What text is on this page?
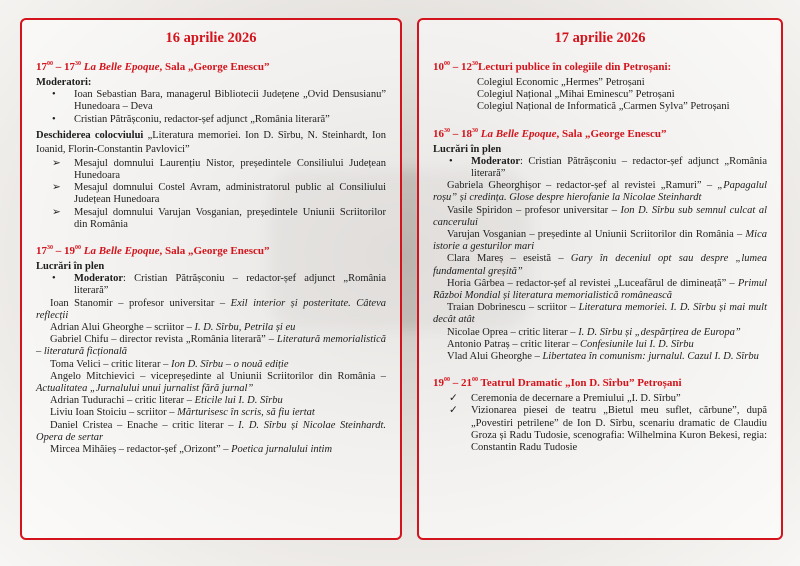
16 aprilie 2026
$17^{00} - 17^{30}$ La Belle Epoque, Sala „George Enescu”

Moderatori:

• Ioan Sebastian Bara, managerul Bibliotecii Județene „Ovid Densusianu” Hunedoara – Deva
• Cristian Pătrășconiu, redactor-șef adjunct „România literară”

Deschiderea colocviului „Literatura memoriei. Ion D. Sîrbu, N. Steinhardt, Ion Ioanid, Florin-Constantin Pavlovici”

➢ Mesajul domnului Laurențiu Nistor, președintele Consiliului Județean Hunedoara
➢ Mesajul domnului Costel Avram, administratorul public al Consiliului Județean Hunedoara
➢ Mesajul domnului Varujan Vosganian, președintele Uniunii Scriitorilor din România
$17^{30} - 19^{00}$ La Belle Epoque, Sala „George Enescu”

Lucrări în plen

• Moderator: Cristian Pătrășconiu – redactor-șef adjunct „România literară”

Ioan Stanomir – profesor universitar – Exil interior și posteritate. Câteva reflecții

Adrian Alui Gheorghe – scriitor – I. D. Sîrbu, Petrila și eu

Gabriel Chifu – director revista „România literară” – Literatură memorialistică – literatură ficțională

Toma Velici – critic literar – Ion D. Sîrbu – o nouă ediție

Angelo Mitchievici – vicepreședinte al Uniunii Scriitorilor din România – Actualitatea „Jurnalului unui jurnalist fără jurnal”

Adrian Tudurachi – critic literar – Eticile lui I. D. Sîrbu

Liviu Ioan Stoiciu – scriitor – Mărturisesc în scris, să fiu iertat

Daniel Cristea – Enache – critic literar – I. D. Sîrbu și Nicolae Steinhardt. Opera de sertar

Mircea Mihăieș – redactor-șef „Orizont” – Poetica jurnalului intim

17 aprilie 2026
$10^{00}$ – $12^{30}Lecturi$ publice în colegiile din Petroșani:
Colegiul Economic „Hermes” Petroșani
Colegiul Național „Mihai Eminescu” Petroșani
Colegiul Național de Informatică „Carmen Sylva” Petroșani
$16^{30} - 18^{30}$ La Belle Epoque, Sala „George Enescu”

Lucrări în plen

• Moderator: Cristian Pătrășconiu – redactor-șef adjunct „România literară”

Gabriela Gheorghișor – redactor-șef al revistei „Ramuri” – „Papagalul roșu” și credința. Glose despre hierofanie la Nicolae Steinhardt

Vasile Spiridon – profesor universitar – Ion D. Sîrbu sub semnul culcat al cancerului

Varujan Vosganian – președinte al Uniunii Scriitorilor din România – Mica istorie a gesturilor mari

Clara Mareș – eseistă – Gary în deceniul opt sau despre „lumea fundamental greșită”

Horia Gârbea – redactor-șef al revistei „Luceafărul de dimineață” – Primul Război Mondial și literatura memorialistică românească

Traian Dobrinescu – scriitor – Literatura memoriei. I. D. Sîrbu și mai mult decât atât

Nicolae Oprea – critic literar – I. D. Sîrbu și „despărțirea de Europa”

Antonio Patraș – critic literar – Confesiunile lui I. D. Sîrbu

Vlad Alui Gheorghe – Libertatea în comunism: jurnalul. Cazul I. D. Sîrbu

$19^{00} - 21^{00}$ Teatrul Dramatic „Ion D. Sîrbu” Petroșani
✓ Ceremonia de decernare a Premiului „I. D. Sîrbu”
✓ Vizionarea piesei de teatru „Bietul meu suflet, cărbune”, după „Povestiri petrilene” de Ion D. Sîrbu, scenariu dramatic de Claudiu Groza și Radu Tudosie, scenografia: Wilhelmina Kuron Bekesi, regia: Constantin Radu Tudosie
